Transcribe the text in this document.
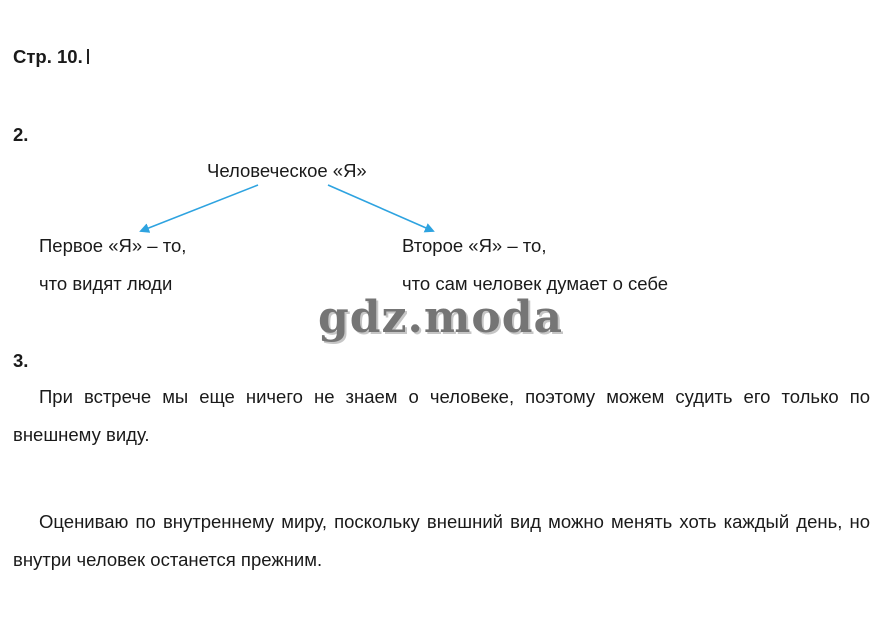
Стр. 10.
2.
Человеческое «Я»
Первое «Я» – то,
что видят люди
Второе «Я» – то,
что сам человек думает о себе
gdz.moda
3.
При встрече мы еще ничего не знаем о человеке, поэтому можем судить его только по внешнему виду.
Оцениваю по внутреннему миру, поскольку внешний вид можно менять хоть каждый день, но внутри человек останется прежним.
